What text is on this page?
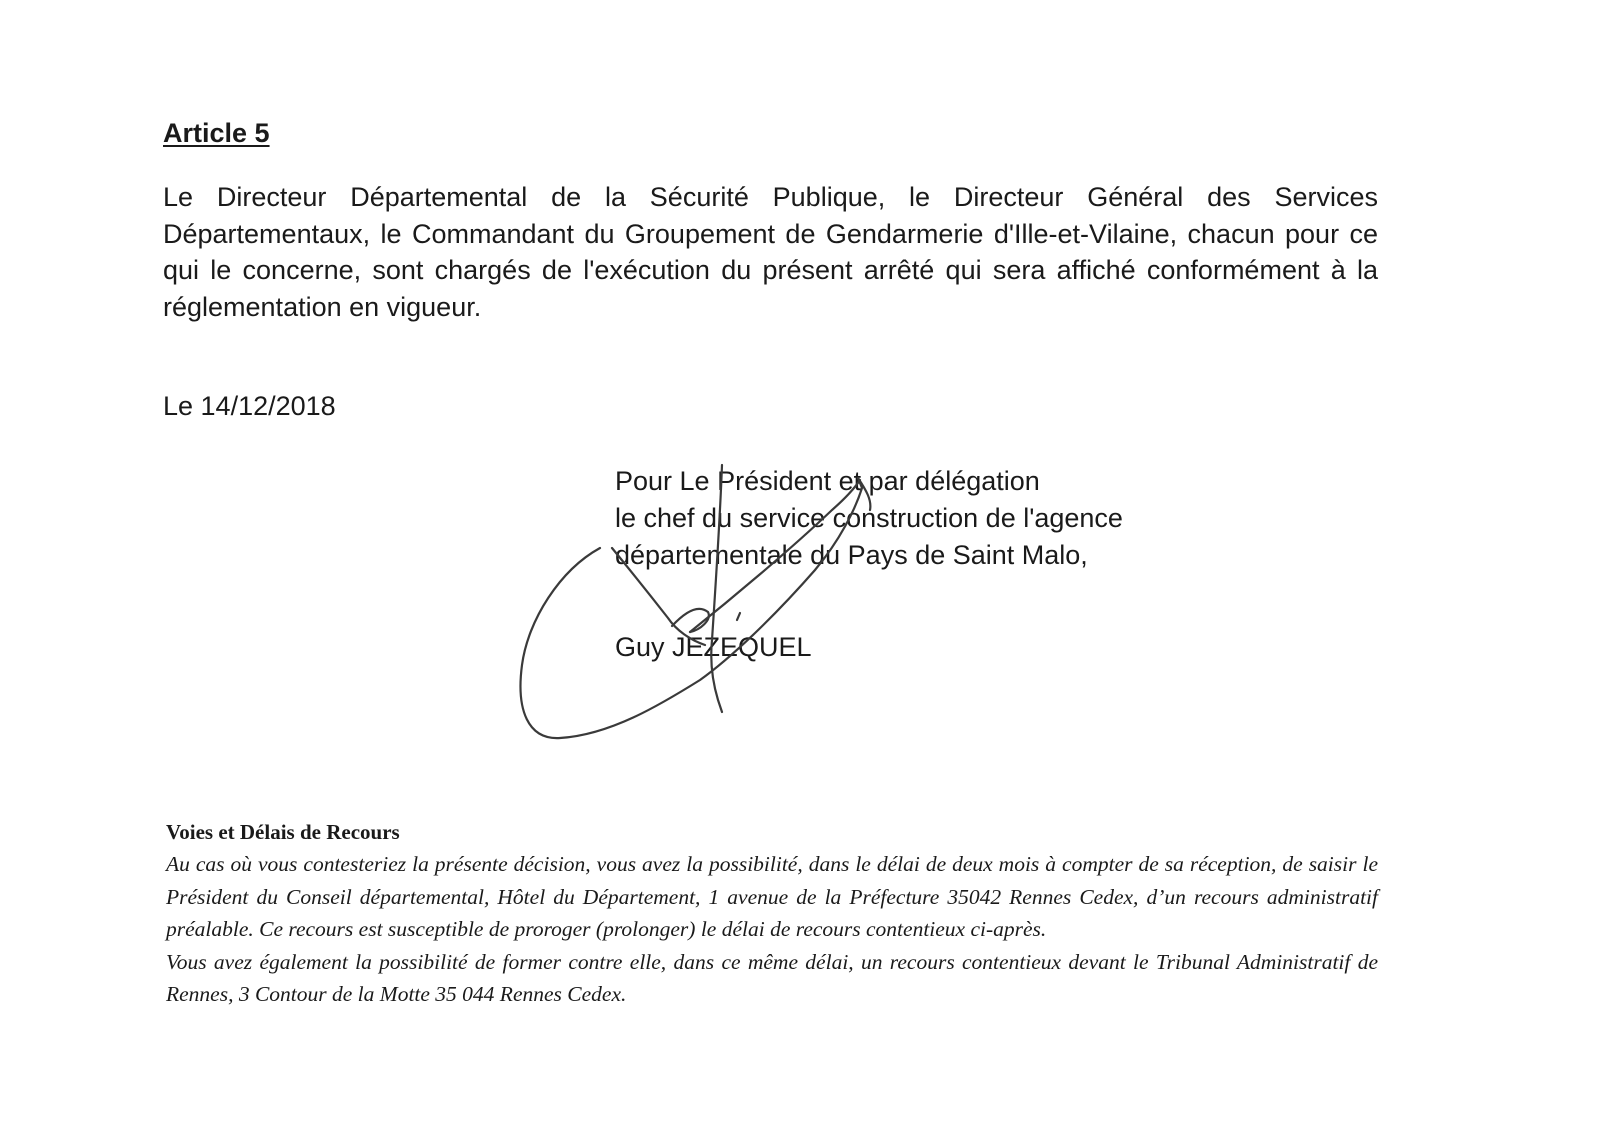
Article 5
Le Directeur Départemental de la Sécurité Publique, le Directeur Général des Services Départementaux, le Commandant du Groupement de Gendarmerie d'Ille-et-Vilaine, chacun pour ce qui le concerne, sont chargés de l'exécution du présent arrêté qui sera affiché conformément à la réglementation en vigueur.
Le 14/12/2018
Pour Le Président et par délégation
le chef du service construction de l'agence
départementale du Pays de Saint Malo,
Guy JEZEQUEL
Voies et Délais de Recours

Au cas où vous contesteriez la présente décision, vous avez la possibilité, dans le délai de deux mois à compter de sa réception, de saisir le Président du Conseil départemental, Hôtel du Département, 1 avenue de la Préfecture 35042 Rennes Cedex, d’un recours administratif préalable. Ce recours est susceptible de proroger (prolonger) le délai de recours contentieux ci-après.

Vous avez également la possibilité de former contre elle, dans ce même délai, un recours contentieux devant le Tribunal Administratif de Rennes, 3 Contour de la Motte 35 044 Rennes Cedex.
